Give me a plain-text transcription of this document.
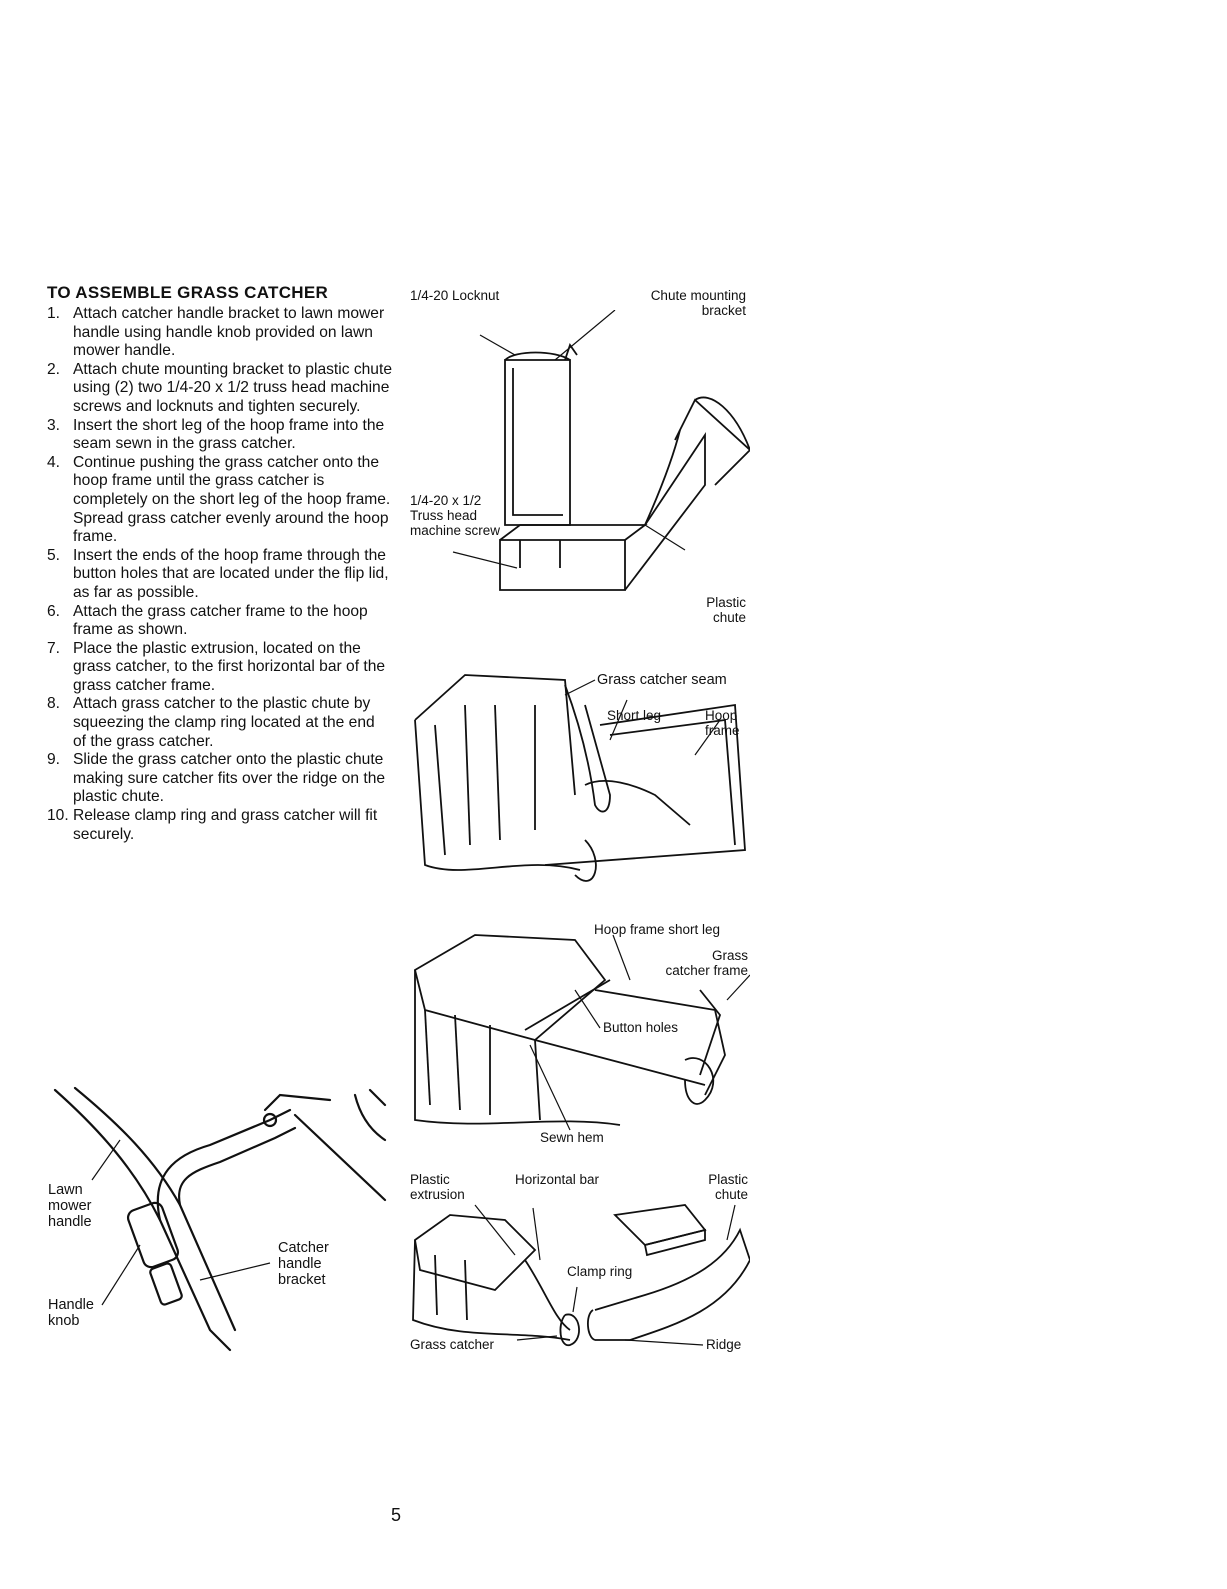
TO ASSEMBLE GRASS CATCHER
1. Attach catcher handle bracket to lawn mower handle using handle knob provided on lawn mower handle.
2. Attach chute mounting bracket to plastic chute using (2) two 1/4-20 x 1/2 truss head machine screws and locknuts and tighten securely.
3. Insert the short leg of the hoop frame into the seam sewn in the grass catcher.
4. Continue pushing the grass catcher onto the hoop frame until the grass catcher is completely on the short leg of the hoop frame. Spread grass catcher evenly around the hoop frame.
5. Insert the ends of the hoop frame through the button holes that are located under the flip lid, as far as possible.
6. Attach the grass catcher frame to the hoop frame as shown.
7. Place the plastic extrusion, located on the grass catcher, to the first horizontal bar of the grass catcher frame.
8. Attach grass catcher to the plastic chute by squeezing the clamp ring located at the end of the grass catcher.
9. Slide the grass catcher onto the plastic chute making sure catcher fits over the ridge on the plastic chute.
10. Release clamp ring and grass catcher will fit securely.
Lawn mower handle
Handle knob
Catcher handle bracket
1/4-20 Locknut	Chute mounting bracket
1/4-20 x 1/2 Truss head machine screw
Plastic chute
Grass catcher seam
Short leg	Hoop frame
Hoop frame short leg
Grass catcher frame
Button holes
Sewn hem
Plastic extrusion
Horizontal bar	Plastic chute
Clamp ring
Grass catcher	Ridge
5
